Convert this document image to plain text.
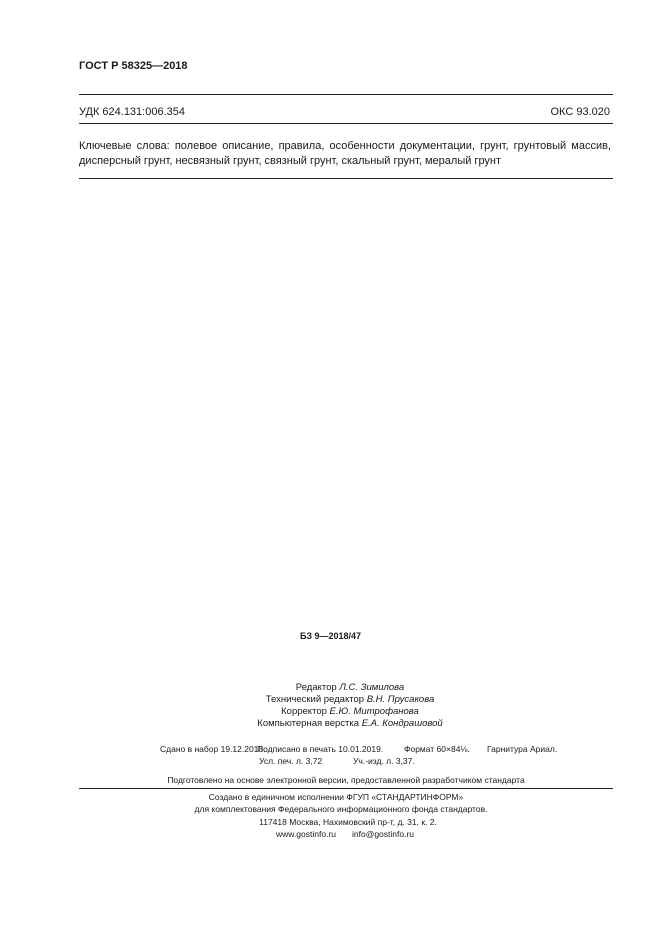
ГОСТ Р 58325—2018
УДК 624.131:006.354	ОКС 93.020
Ключевые слова: полевое описание, правила, особенности документации, грунт, грунтовый массив, дисперсный грунт, несвязный грунт, связный грунт, скальный грунт, мералый грунт
БЗ 9—2018/47
Редактор Л.С. Зимилова
Технический редактор В.Н. Прусакова
Корректор Е.Ю. Митрофанова
Компьютерная верстка Е.А. Кондрашовой
Сдано в набор 19.12.2018.
Подписано в печать 10.01.2019. Формат 60×84⅛. Гарнитура Ариал.
Усл. печ. л. 3,72	Уч.-изд. л. 3,37.
Подготовлено на основе электронной версии, предоставленной разработчиком стандарта
Создано в единичном исполнении ФГУП «СТАНДАРТИНФОРМ»
для комплектования Федерального информационного фонда стандартов.
117418 Москва, Нахимовский пр-т, д. 31, к. 2.
www.gostinfo.ru info@gostinfo.ru
